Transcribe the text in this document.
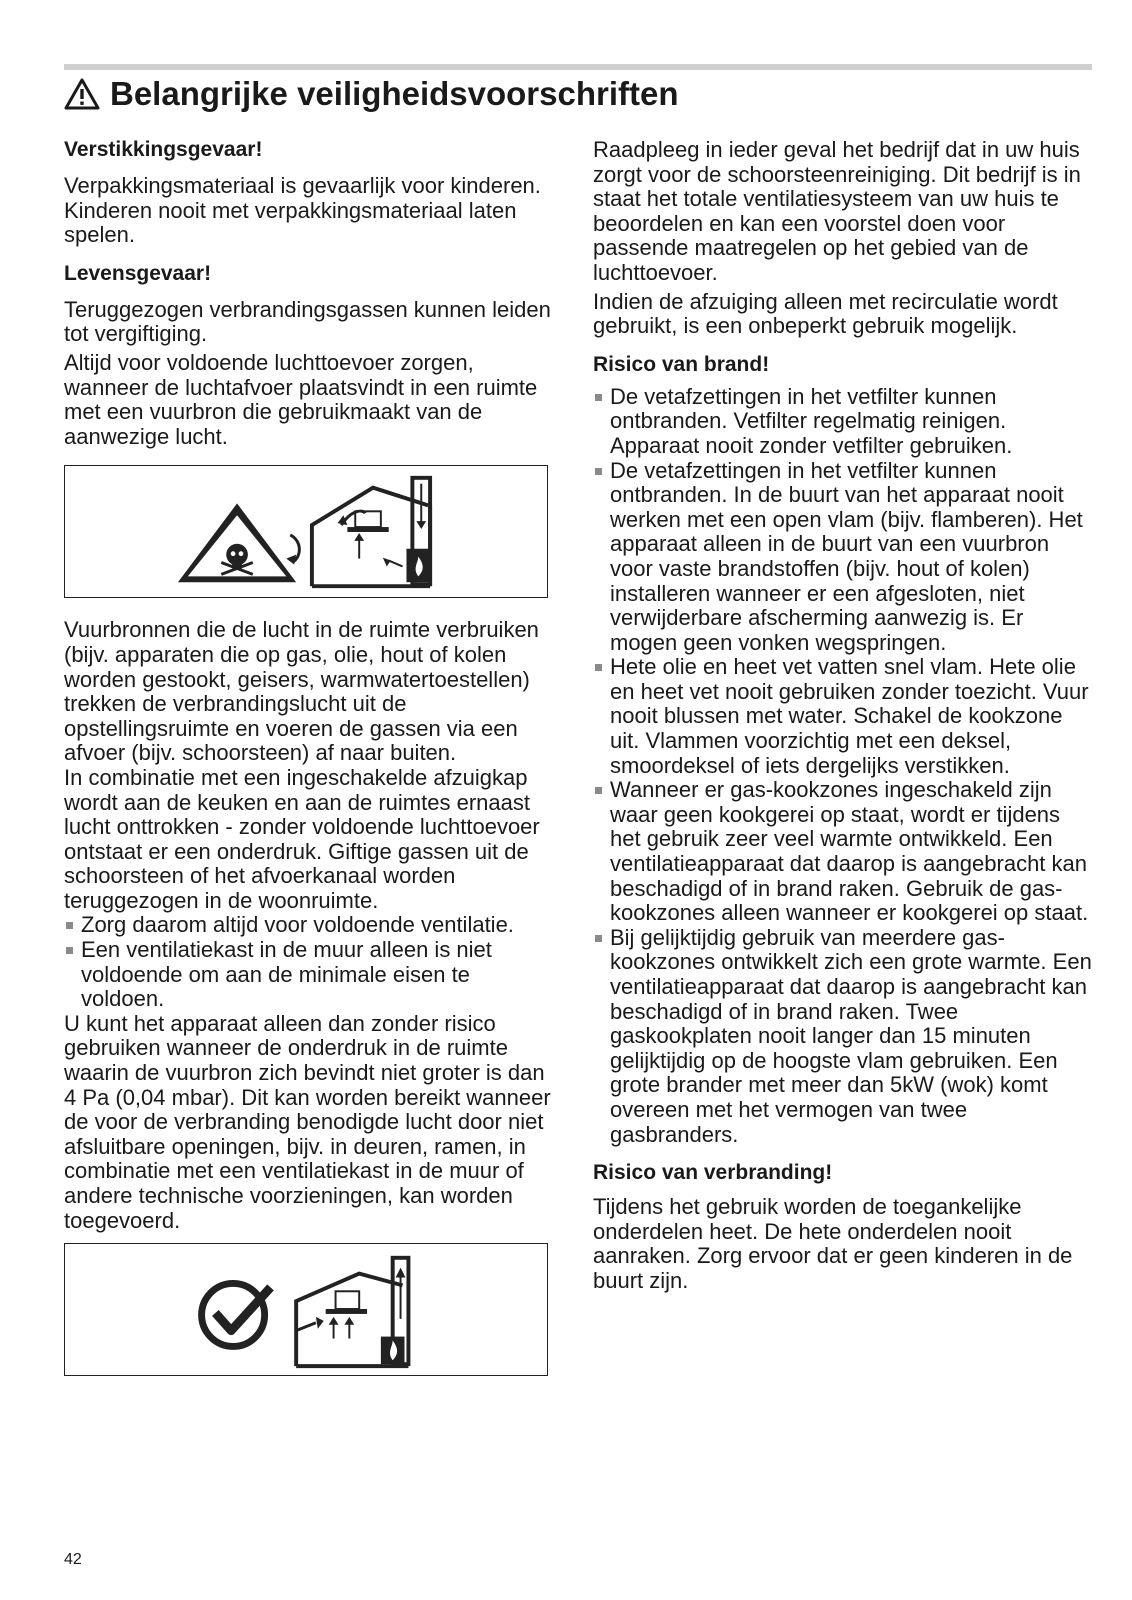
Belangrijke veiligheidsvoorschriften
Verstikkingsgevaar!

Verpakkingsmateriaal is gevaarlijk voor kinderen. Kinderen nooit met verpakkingsmateriaal laten spelen.

Levensgevaar!

Teruggezogen verbrandingsgassen kunnen leiden tot vergiftiging.

Altijd voor voldoende luchttoevoer zorgen, wanneer de luchtafvoer plaatsvindt in een ruimte met een vuurbron die gebruikmaakt van de aanwezige lucht.

Vuurbronnen die de lucht in de ruimte verbruiken (bijv. apparaten die op gas, olie, hout of kolen worden gestookt, geisers, warmwatertoestellen) trekken de verbrandingslucht uit de opstellingsruimte en voeren de gassen via een afvoer (bijv. schoorsteen) af naar buiten.

In combinatie met een ingeschakelde afzuigkap wordt aan de keuken en aan de ruimtes ernaast lucht onttrokken - zonder voldoende luchttoevoer ontstaat er een onderdruk. Giftige gassen uit de schoorsteen of het afvoerkanaal worden teruggezogen in de woonruimte.

Zorg daarom altijd voor voldoende ventilatie.
Een ventilatiekast in de muur alleen is niet voldoende om aan de minimale eisen te voldoen.

U kunt het apparaat alleen dan zonder risico gebruiken wanneer de onderdruk in de ruimte waarin de vuurbron zich bevindt niet groter is dan 4 Pa (0,04 mbar). Dit kan worden bereikt wanneer de voor de verbranding benodigde lucht door niet afsluitbare openingen, bijv. in deuren, ramen, in combinatie met een ventilatiekast in de muur of andere technische voorzieningen, kan worden toegevoerd.

Raadpleeg in ieder geval het bedrijf dat in uw huis zorgt voor de schoorsteenreiniging. Dit bedrijf is in staat het totale ventilatiesysteem van uw huis te beoordelen en kan een voorstel doen voor passende maatregelen op het gebied van de luchttoevoer.

Indien de afzuiging alleen met recirculatie wordt gebruikt, is een onbeperkt gebruik mogelijk.

Risico van brand!
De vetafzettingen in het vetfilter kunnen ontbranden. Vetfilter regelmatig reinigen. Apparaat nooit zonder vetfilter gebruiken.
De vetafzettingen in het vetfilter kunnen ontbranden. In de buurt van het apparaat nooit werken met een open vlam (bijv. flamberen). Het apparaat alleen in de buurt van een vuurbron voor vaste brandstoffen (bijv. hout of kolen) installeren wanneer er een afgesloten, niet verwijderbare afscherming aanwezig is. Er mogen geen vonken wegspringen.
Hete olie en heet vet vatten snel vlam. Hete olie en heet vet nooit gebruiken zonder toezicht. Vuur nooit blussen met water. Schakel de kookzone uit. Vlammen voorzichtig met een deksel, smoordeksel of iets dergelijks verstikken.
Wanneer er gas-kookzones ingeschakeld zijn waar geen kookgerei op staat, wordt er tijdens het gebruik zeer veel warmte ontwikkeld. Een ventilatieapparaat dat daarop is aangebracht kan beschadigd of in brand raken. Gebruik de gas-kookzones alleen wanneer er kookgerei op staat.
Bij gelijktijdig gebruik van meerdere gas-kookzones ontwikkelt zich een grote warmte. Een ventilatieapparaat dat daarop is aangebracht kan beschadigd of in brand raken. Twee gaskookplaten nooit langer dan 15 minuten gelijktijdig op de hoogste vlam gebruiken. Een grote brander met meer dan 5kW (wok) komt overeen met het vermogen van twee gasbranders.
Risico van verbranding!

Tijdens het gebruik worden de toegankelijke onderdelen heet. De hete onderdelen nooit aanraken. Zorg ervoor dat er geen kinderen in de buurt zijn.

42
